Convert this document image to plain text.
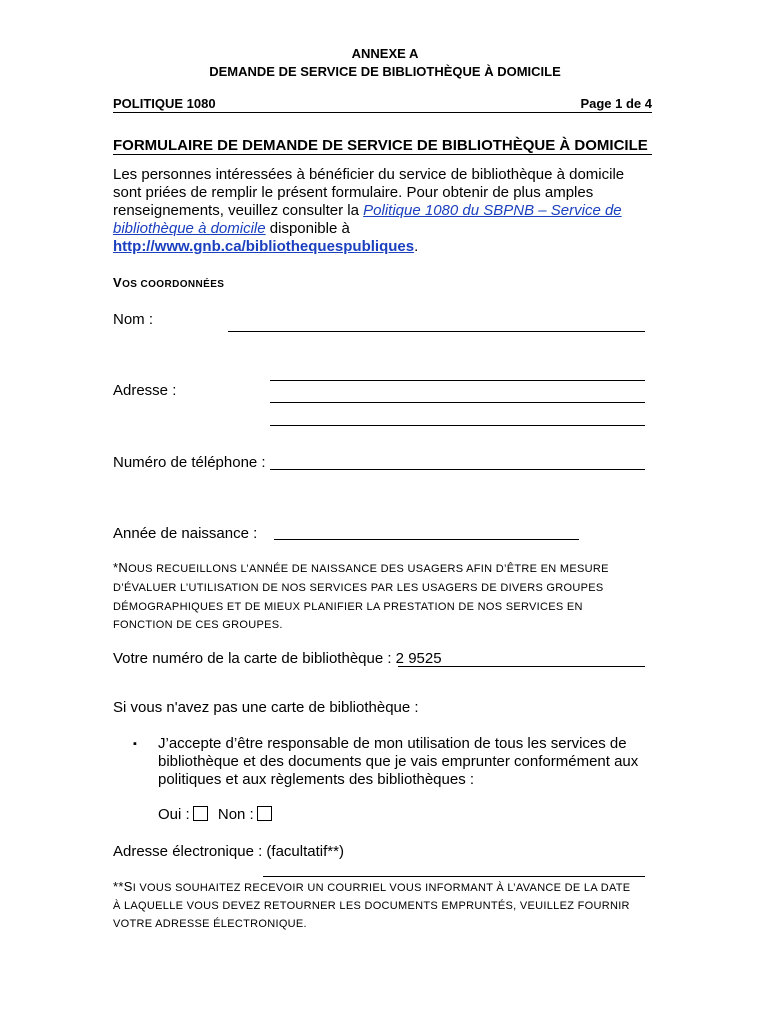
ANNEXE A
DEMANDE DE SERVICE DE BIBLIOTHÈQUE À DOMICILE
POLITIQUE 1080	Page 1 de 4
FORMULAIRE DE DEMANDE DE SERVICE DE BIBLIOTHÈQUE À DOMICILE
Les personnes intéressées à bénéficier du service de bibliothèque à domicile
sont priées de remplir le présent formulaire. Pour obtenir de plus amples
renseignements, veuillez consulter la Politique 1080 du SBPNB – Service de
bibliothèque à domicile disponible à
http://www.gnb.ca/bibliothequespubliques.
VOS COORDONNÉES
Nom :
Adresse :
Numéro de téléphone :
Année de naissance :
*NOUS RECUEILLONS L’ANNÉE DE NAISSANCE DES USAGERS AFIN D’ÊTRE EN MESURE
D’ÉVALUER L’UTILISATION DE NOS SERVICES PAR LES USAGERS DE DIVERS GROUPES
DÉMOGRAPHIQUES ET DE MIEUX PLANIFIER LA PRESTATION DE NOS SERVICES EN
FONCTION DE CES GROUPES.
Votre numéro de la carte de bibliothèque : 2 9525
Si vous n'avez pas une carte de bibliothèque :
▪ J’accepte d’être responsable de mon utilisation de tous les services de
bibliothèque et des documents que je vais emprunter conformément aux
politiques et aux règlements des bibliothèques :
Oui : Non :
Adresse électronique : (facultatif**)
**SI VOUS SOUHAITEZ RECEVOIR UN COURRIEL VOUS INFORMANT À L’AVANCE DE LA DATE
À LAQUELLE VOUS DEVEZ RETOURNER LES DOCUMENTS EMPRUNTÉS, VEUILLEZ FOURNIR
VOTRE ADRESSE ÉLECTRONIQUE.
